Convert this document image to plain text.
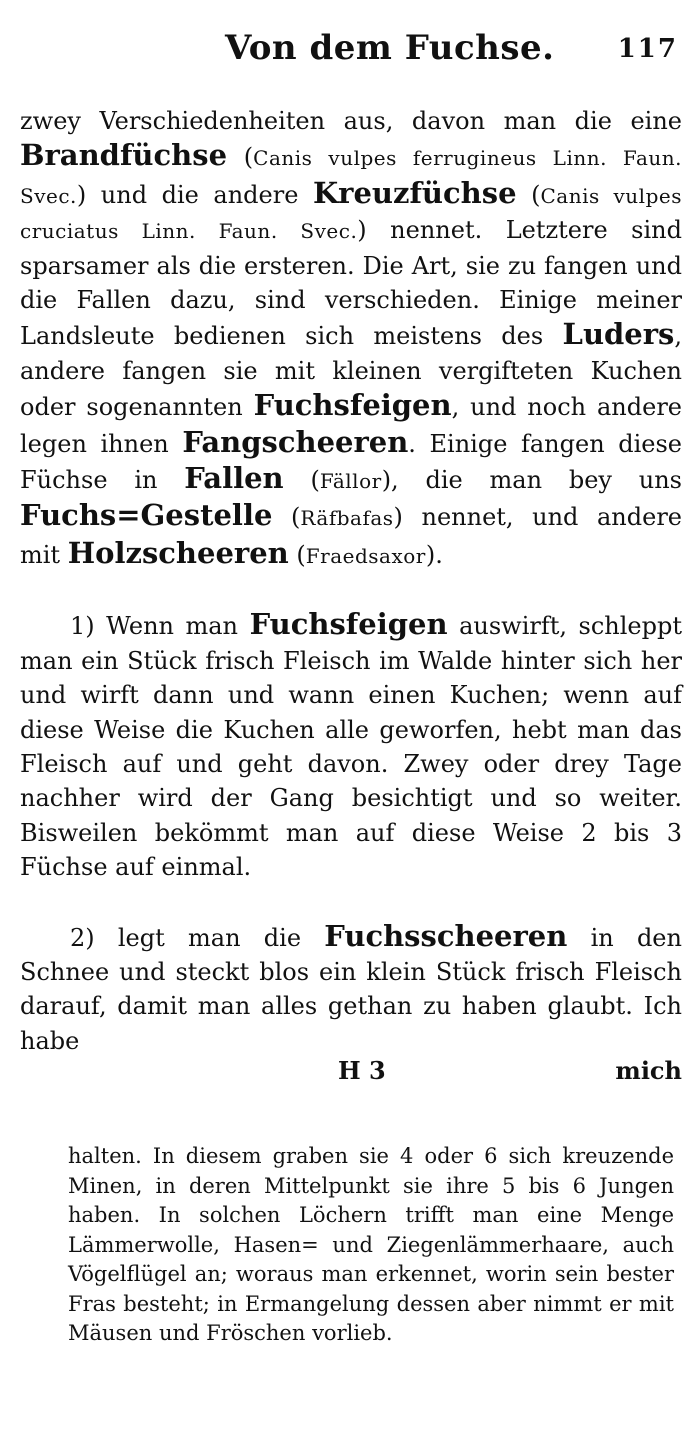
Von dem Fuchse. 117

zwey Verschiedenheiten aus, davon man die eine Brandfüchse (Canis vulpes ferrugineus Linn. Faun. Svec.) und die andere Kreuzfüchse (Canis vulpes cruciatus Linn. Faun. Svec.) nennet. Letztere sind sparsamer als die ersteren. Die Art, sie zu fangen und die Fallen dazu, sind verschieden. Einige meiner Landsleute bedienen sich meistens des Luders, andere fangen sie mit kleinen vergifteten Kuchen oder sogenannten Fuchsfeigen, und noch andere legen ihnen Fangscheeren. Einige fangen diese Füchse in Fallen (Fällor), die man bey uns Fuchs=Gestelle (Räfbafas) nennet, und andere mit Holzscheeren (Fraedsaxor).

1) Wenn man Fuchsfeigen auswirft, schleppt man ein Stück frisch Fleisch im Walde hinter sich her und wirft dann und wann einen Kuchen; wenn auf diese Weise die Kuchen alle geworfen, hebt man das Fleisch auf und geht davon. Zwey oder drey Tage nachher wird der Gang besichtigt und so weiter. Bisweilen bekömmt man auf diese Weise 2 bis 3 Füchse auf einmal.

2) legt man die Fuchsscheeren in den Schnee und steckt blos ein klein Stück frisch Fleisch darauf, damit man alles gethan zu haben glaubt. Ich habe

H 3	mich

halten. In diesem graben sie 4 oder 6 sich kreuzende Minen, in deren Mittelpunkt sie ihre 5 bis 6 Jungen haben. In solchen Löchern trifft man eine Menge Lämmerwolle, Hasen= und Ziegenlämmerhaare, auch Vögelflügel an; woraus man erkennet, worin sein bester Fras besteht; in Ermangelung dessen aber nimmt er mit Mäusen und Fröschen vorlieb.
